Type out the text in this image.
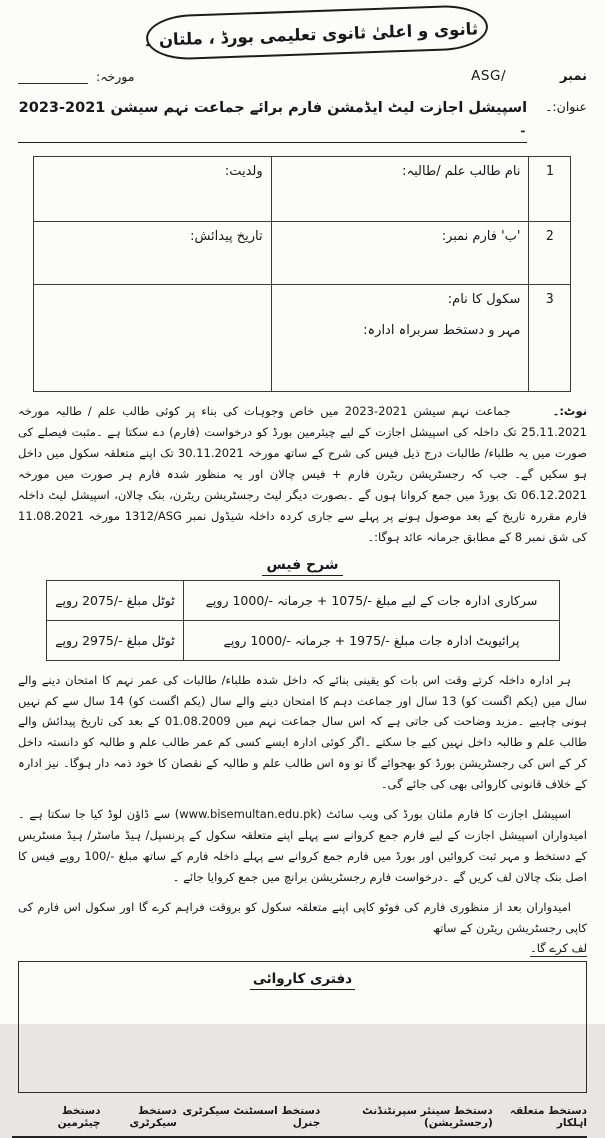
ثانوی و اعلیٰ ثانوی تعلیمی بورڈ ، ملتان ۔
نمبر
ASG/
مورخہ:
عنوان:۔
اسپیشل اجازت لیٹ ایڈمشن فارم برائے جماعت نہم سیشن 2021-2023 ۔
1	نام طالب علم /طالبہ:	ولدیت:
2	'ب' فارم نمبر:	تاریخ پیدائش:
3	سکول کا نام:
مہر و دستخط سربراہ ادارہ:	

نوٹ:۔جماعت نہم سیشن 2021-2023 میں خاص وجوہات کی بناء پر کوئی طالب علم / طالبہ مورخہ 25.11.2021 تک داخلہ کی اسپیشل اجازت کے لیے چیئرمین بورڈ کو درخواست (فارم) دے سکتا ہے ۔مثبت فیصلے کی صورت میں یہ طلباء/ طالبات درج ذیل فیس کی شرح کے ساتھ مورخہ 30.11.2021 تک اپنے متعلقہ سکول میں داخل ہو سکیں گے۔ جب کہ رجسٹریشن ریٹرن فارم + فیس چالان اور یہ منظور شدہ فارم ہر صورت میں مورخہ 06.12.2021 تک بورڈ میں جمع کروانا ہوں گے ۔بصورت دیگر لیٹ رجسٹریشن ریٹرن، بنک چالان، اسپیشل لیٹ داخلہ فارم مقررہ تاریخ کے بعد موصول ہونے پر پہلے سے جاری کردہ داخلہ شیڈول نمبر ⁦1312/ASG⁩ مورخہ 11.08.2021 کی شق نمبر 8 کے مطابق جرمانہ عائد ہوگا:۔

شرح فیس
سرکاری ادارہ جات کے لیے مبلغ ⁦1075/-⁩ + جرمانہ ⁦1000/-⁩ روپے	ٹوٹل مبلغ ⁦2075/-⁩ روپے
پرائیویٹ ادارہ جات مبلغ ⁦1975/-⁩ + جرمانہ ⁦1000/-⁩ روپے	ٹوٹل مبلغ ⁦2975/-⁩ روپے

ہر ادارہ داخلہ کرتے وقت اس بات کو یقینی بنائے کہ داخل شدہ طلباء/ طالبات کی عمر نہم کا امتحان دینے والے سال میں (یکم اگست کو) 13 سال اور جماعت دہم کا امتحان دینے والے سال (یکم اگست کو) 14 سال سے کم نہیں ہونی چاہیے ۔مزید وضاحت کی جاتی ہے کہ اس سال جماعت نہم میں 01.08.2009 کے بعد کی تاریخ پیدائش والے طالب علم و طالبہ داخل نہیں کیے جا سکتے ۔اگر کوئی ادارہ ایسے کسی کم عمر طالب علم و طالبہ کو دانستہ داخل کر کے اس کی رجسٹریشن بورڈ کو بھجوائے گا تو وہ اس طالب علم و طالبہ کے نقصان کا خود ذمہ دار ہوگا۔ نیز ادارہ کے خلاف قانونی کاروائی بھی کی جائے گی۔

اسپیشل اجازت کا فارم ملتان بورڈ کی ویب سائٹ (www.bisemultan.edu.pk) سے ڈاؤن لوڈ کیا جا سکتا ہے ۔امیدواران اسپیشل اجازت کے لیے فارم جمع کروانے سے پہلے اپنے متعلقہ سکول کے پرنسپل/ ہیڈ ماسٹر/ ہیڈ مسٹریس کے دستخط و مہر ثبت کروائیں اور بورڈ میں فارم جمع کروانے سے پہلے داخلہ فارم کے ساتھ مبلغ ⁦100/-⁩ روپے فیس کا اصل بنک چالان لف کریں گے ۔درخواست فارم رجسٹریشن برانچ میں جمع کروایا جائے ۔

امیدواران بعد از منظوری فارم کی فوٹو کاپی اپنے متعلقہ سکول کو بروقت فراہم کرے گا اور سکول اس فارم کی کاپی رجسٹریشن ریٹرن کے ساتھ

لف کرے گا۔
دفتری کاروائی
دستخط متعلقہ اہلکار
دستخط سینئر سپرنٹنڈنٹ (رجسٹریشن)
دستخط اسسٹنٹ سیکرٹری جنرل
دستخط سیکرٹری
دستخط چیئرمین
